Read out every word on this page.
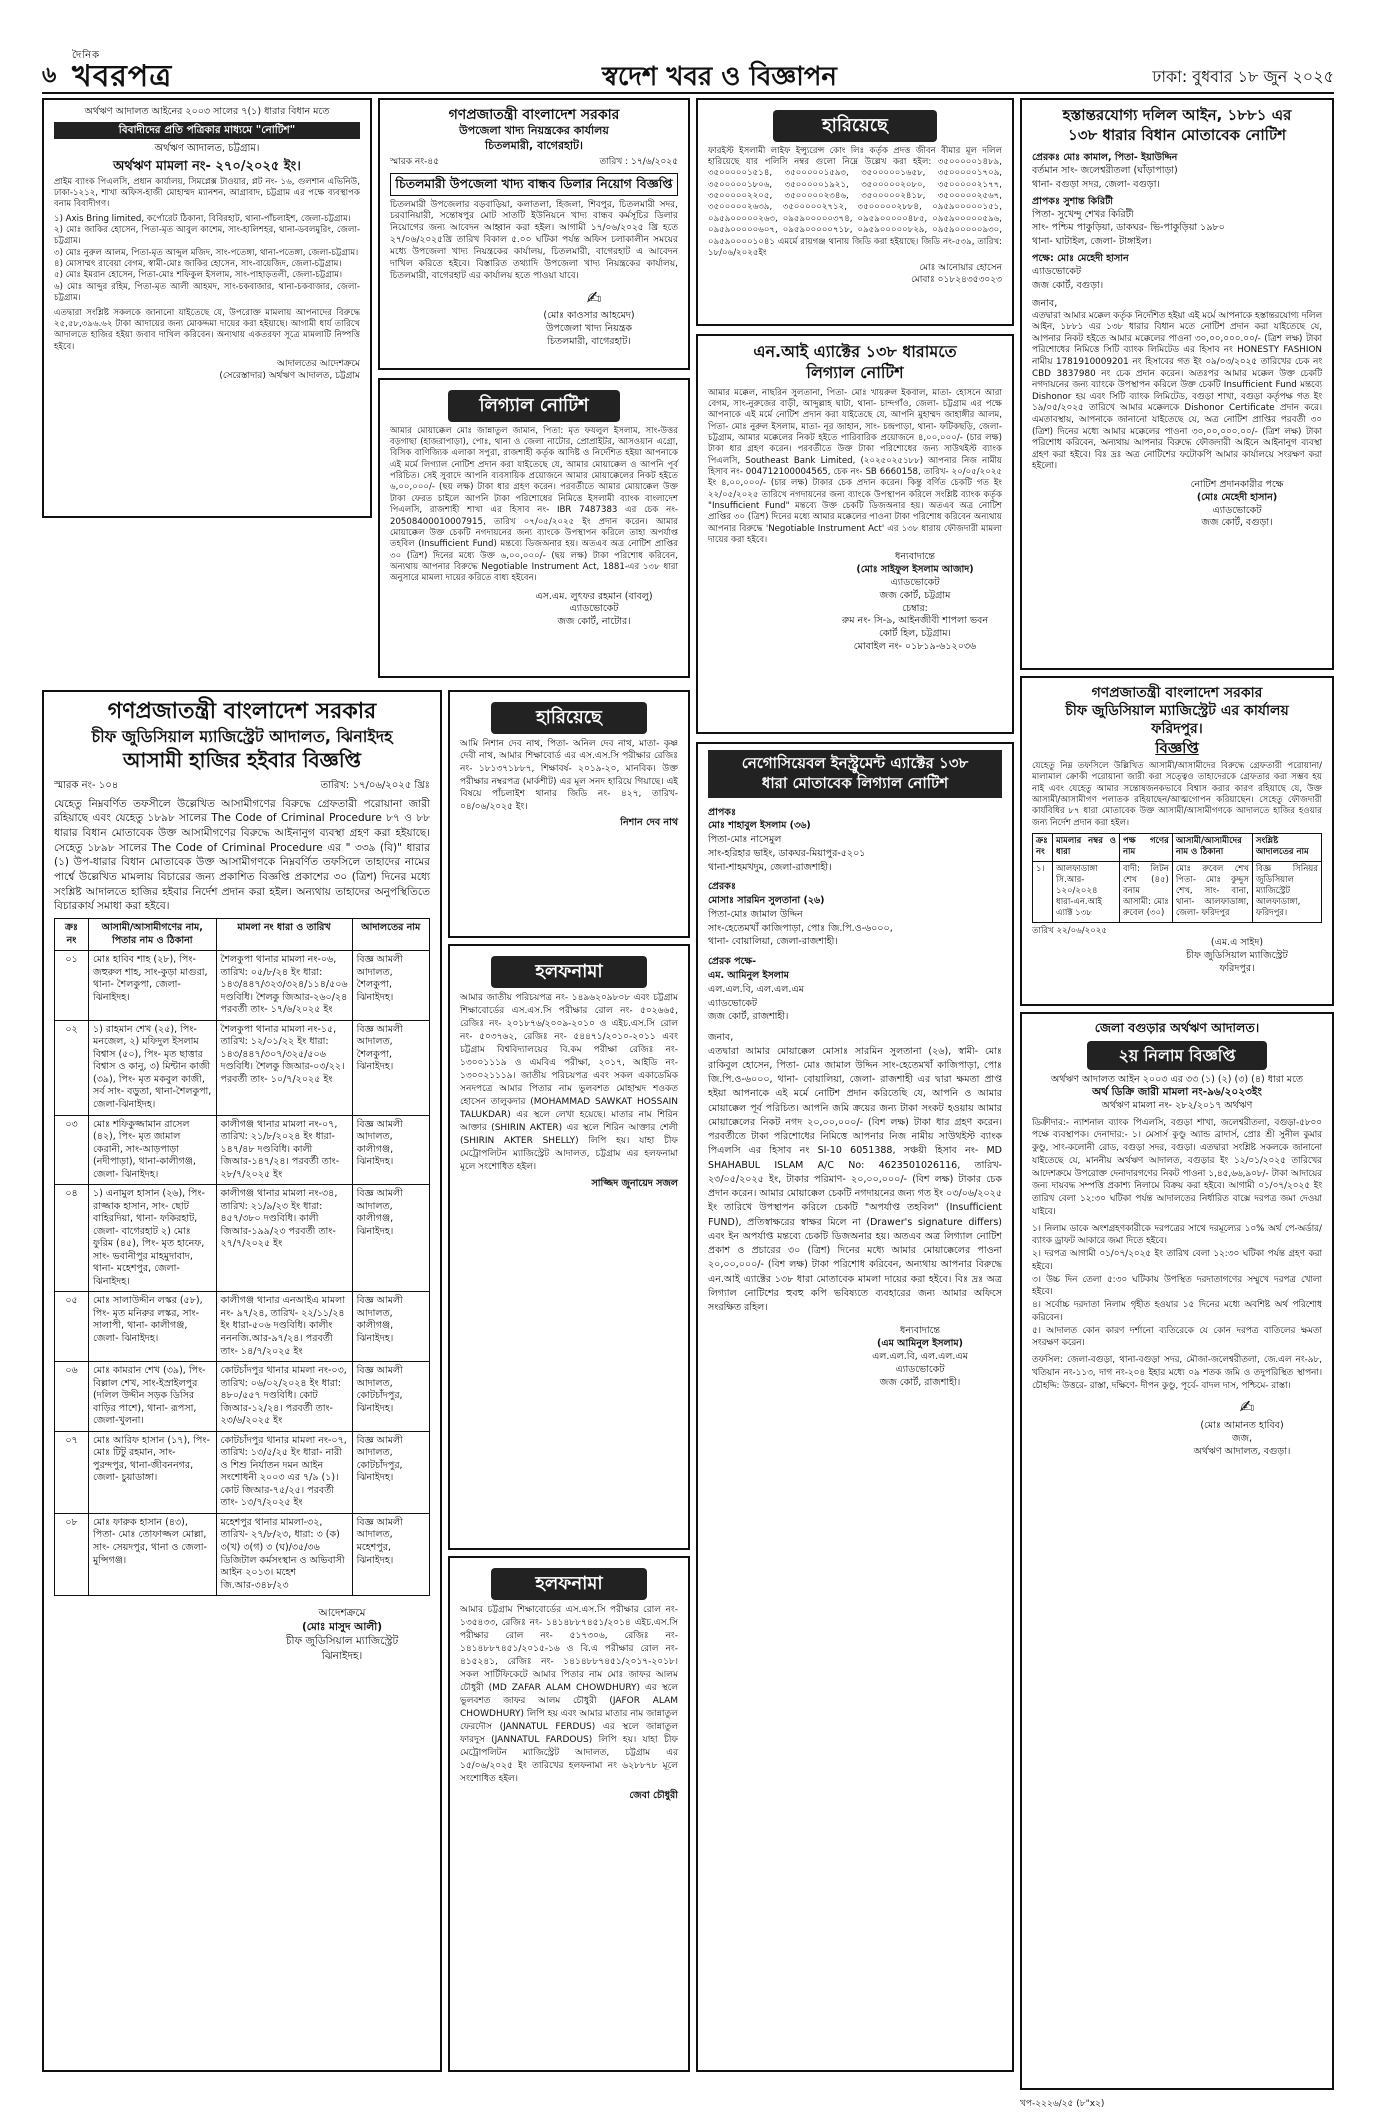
৬
দৈনিক
খবরপত্র	স্বদেশ খবর ও বিজ্ঞাপন	ঢাকা: বুধবার ১৮ জুন ২০২৫
অর্থঋণ আদালত আইনের ২০০৩ সালের ৭(১) ধারার বিধান মতে
বিবাদীদের প্রতি পত্রিকার মাধ্যমে "নোটিশ"
অর্থঋণ আদালত, চট্টগ্রাম।
অর্থঋণ মামলা নং- ২৭০/২০২৫ ইং।
প্রাইম ব্যাংক পিএলসি, প্রধান কার্যালয়, সিমপ্লেক্স টাওয়ার, প্লট নং- ১৬, গুলশান এভিনিউ, ঢাকা-১২১২, শাখা অফিস-হাজী মোহাম্মদ ম্যানশন, আগ্রাবাদ, চট্টগ্রাম এর পক্ষে ব্যবস্থাপক বনাম বিবাদীগণ।
১) Axis Bring limited, কর্পোরেট ঠিকানা, বিবিরহাট, থানা-পাঁচলাইশ, জেলা-চট্টগ্রাম।
২) মোঃ জাকির হোসেন, পিতা-মৃত আবুল কাশেম, সাং-হালিশহর, থানা-ডবলমুরিং, জেলা-চট্টগ্রাম।
৩) মোঃ নুরুল আলম, পিতা-মৃত আব্দুল মজিদ, সাং-পতেঙ্গা, থানা-পতেঙ্গা, জেলা-চট্টগ্রাম।
৪) মোসাম্মৎ রাবেয়া বেগম, স্বামী-মোঃ জাকির হোসেন, সাং-বায়েজিদ, জেলা-চট্টগ্রাম।
৫) মোঃ ইমরান হোসেন, পিতা-মোঃ শফিকুল ইসলাম, সাং-পাহাড়তলী, জেলা-চট্টগ্রাম।
৬) মোঃ আব্দুর রহিম, পিতা-মৃত আলী আহমদ, সাং-চকবাজার, থানা-চকবাজার, জেলা-চট্টগ্রাম।
এতদ্বারা সংশ্লিষ্ট সকলকে জানানো যাইতেছে যে, উপরোক্ত মামলায় আপনাদের বিরুদ্ধে ২৫,৫৮,৩৯৬.৬২ টাকা আদায়ের জন্য মোকদ্দমা দায়ের করা হইয়াছে। আগামী ধার্য তারিখে আদালতে হাজির হইয়া জবাব দাখিল করিবেন। অন্যথায় একতরফা সূত্রে মামলাটি নিষ্পত্তি হইবে।
আদালতের আদেশক্রমে
(সেরেস্তাদার) অর্থঋণ আদালত, চট্টগ্রাম
গণপ্রজাতন্ত্রী বাংলাদেশ সরকার
উপজেলা খাদ্য নিয়ন্ত্রকের কার্যালয়
চিতলমারী, বাগেরহাট।
স্মারক নং-৪৫	তারিখ : ১৭/৬/২০২৫
চিতলমারী উপজেলা খাদ্য বান্ধব ডিলার নিয়োগ বিজ্ঞপ্তি
চিতলমারী উপজেলার বড়বাড়িয়া, কলাতলা, হিজলা, শিবপুর, চিতলমারী সদর, চরবানিয়ারী, সন্তোষপুর মোট সাতটি ইউনিয়নে খাদ্য বান্ধব কর্মসূচির ডিলার নিয়োগের জন্য আবেদন আহ্বান করা হইল। আগামী ১৭/০৬/২০২৫ খ্রি হতে ২৭/০৬/২০২৫খ্রি তারিখ বিকাল ৫.০০ ঘটিকা পর্যন্ত অফিস চলাকালীন সময়ের মধ্যে উপজেলা খাদ্য নিয়ন্ত্রকের কার্যালয়, চিতলমারী, বাগেরহাট এ আবেদন দাখিল করিতে হইবে। বিস্তারিত তথ্যাদি উপজেলা খাদ্য নিয়ন্ত্রকের কার্যালয়, চিতলমারী, বাগেরহাট এর কার্যালয় হতে পাওয়া যাবে।
✍
(মোঃ কাওসার আহমেদ)
উপজেলা খাদ্য নিয়ন্ত্রক
চিতলমারী, বাগেরহাট।
লিগ্যাল নোটিশ
আমার মোয়াক্কেল মোঃ জান্নাতুল জামান, পিতা: মৃত ফযলুল ইসলাম, সাং-উত্তর বড়গাছা (হাজরাপাড়া), পোঃ, থানা ও জেলা নাটোর, প্রোপ্রাইটর, আসওয়ান এগ্রো, বিসিক বাণিজ্যিক এলাকা সপুরা, রাজশাহী কর্তৃক আদিষ্ট ও নির্দেশিত হইয়া আপনাকে এই মর্মে লিগ্যাল নোটিশ প্রদান করা যাইতেছে যে, আমার মোয়াক্কেল ও আপনি পূর্ব পরিচিত। সেই সুবাদে আপনি ব্যবসায়িক প্রয়োজনে আমার মোয়াক্কেলের নিকট হইতে ৬,০০,০০০/- (ছয় লক্ষ) টাকা ধার গ্রহণ করেন। পরবর্তীতে আমার মোয়াক্কেল উক্ত টাকা ফেরত চাইলে আপনি টাকা পরিশোধের নিমিত্তে ইসলামী ব্যাংক বাংলাদেশ পিএলসি, রাজশাহী শাখা এর হিসাব নং- IBR 7487383 এর চেক নং- 20508400010007915, তারিখ ০৭/০৫/২০২৫ ইং প্রদান করেন। আমার মোয়াক্কেল উক্ত চেকটি নগদায়নের জন্য ব্যাংকে উপস্থাপন করিলে তাহা অপর্যাপ্ত তহবিল (Insufficient Fund) মন্তব্যে ডিজঅনার হয়। অতএব অত্র নোটিশ প্রাপ্তির ৩০ (ত্রিশ) দিনের মধ্যে উক্ত ৬,০০,০০০/- (ছয় লক্ষ) টাকা পরিশোধ করিবেন, অন্যথায় আপনার বিরুদ্ধে Negotiable Instrument Act, 1881-এর ১৩৮ ধারা অনুসারে মামলা দায়ের করিতে বাধ্য হইবেন।
এস.এম. লুৎফর রহমান (বাবলু)
এ্যাডভোকেট
জজ কোর্ট, নাটোর।
হারিয়েছে
ফারইস্ট ইসলামী লাইফ ইন্স্যুরেন্স কোং লিঃ কর্তৃক প্রদত্ত জীবন বীমার মূল দলিল হারিয়েছে যার পলিসি নম্বর গুলো নিম্নে উল্লেখ করা হইল: ৩৫০০০০০১৪৮৯, ৩৫০০০০০১৫১৪, ৩৫০০০০০১৫৯৩, ৩৫০০০০০১৬৫৮, ৩৫০০০০০১৭০৯, ৩৫০০০০০১৮০৬, ৩৫০০০০০১৯২১, ৩৫০০০০০২০৮০, ৩৫০০০০০২১৭৭, ৩৫০০০০০২২০৫, ৩৫০০০০০২৩৪৬, ৩৫০০০০০২৪১৮, ৩৫০০০০০২৫৬৭, ৩৫০০০০০২৬৩৯, ৩৫০০০০০২৭১২, ৩৫০০০০০২৮৮৪, ০৯৫৯০০০০০১৫১, ০৯৫৯০০০০০২৬৩, ০৯৫৯০০০০০৩৭৪, ০৯৫৯০০০০০৪৮৫, ০৯৫৯০০০০০৫৯৬, ০৯৫৯০০০০০৬০৭, ০৯৫৯০০০০০৭১৮, ০৯৫৯০০০০০৮২৯, ০৯৫৯০০০০০৯৩০, ০৯৫৯০০০০১০৪১ এমর্মে রায়গঞ্জ থানায় জিডি করা হইয়াছে। জিডি নং-৫৩৯, তারিখ: ১৮/০৬/২০২৫ইং
মোঃ আনোয়ার হোসেন
মোবাঃ ০১৮২৪৩৫৩০২৩
এন.আই এ্যাক্টের ১৩৮ ধারামতে
লিগ্যাল নোটিশ
আমার মক্কেল, নাছরিন সুলতানা, পিতা- মোঃ খায়রুল ইকবাল, মাতা- হোসনে আরা বেগম, সাং-নুরুজের বাড়ী, আব্দুল্লাহ ঘাটা, থানা- চান্দগাঁও, জেলা- চট্টগ্রাম এর পক্ষে আপনাকে এই মর্মে নোটিশ প্রদান করা যাইতেছে যে, আপনি মুহাম্মদ জাহাঙ্গীর আলম, পিতা- মোঃ নুরুল ইসলাম, মাতা- নূর জাহান, সাং- চন্দ্রপাড়া, থানা- ফটিকছড়ি, জেলা- চট্টগ্রাম, আমার মক্কেলের নিকট হইতে পারিবারিক প্রয়োজনে ৪,০০,০০০/- (চার লক্ষ) টাকা ধার গ্রহণ করেন। পরবর্তীতে উক্ত টাকা পরিশোধের জন্য সাউথইস্ট ব্যাংক পিএলসি, Southeast Bank Limited, (২০২৫০২৫১৮৮) আপনার নিজ নামীয় হিসাব নং- 004712100004565, চেক নং- SB 6660158, তারিখ- ২০/০৫/২০২৫ ইং ৪,০০,০০০/- (চার লক্ষ) টাকার চেক প্রদান করেন। কিন্তু বর্ণিত চেকটি গত ইং ২২/০৫/২০২৫ তারিখে নগদায়নের জন্য ব্যাংকে উপস্থাপন করিলে সংশ্লিষ্ট ব্যাংক কর্তৃক "Insufficient Fund" মন্তব্যে উক্ত চেকটি ডিজঅনার হয়। অতএব অত্র নোটিশ প্রাপ্তির ৩০ (ত্রিশ) দিনের মধ্যে আমার মক্কেলের পাওনা টাকা পরিশোধ করিবেন অন্যথায় আপনার বিরুদ্ধে 'Negotiable Instrument Act' এর ১৩৮ ধারায় ফৌজদারী মামলা দায়ের করা হইবে।
ধন্যবাদান্তে
(মোঃ সাইফুল ইসলাম আজাদ)
এ্যাডভোকেট
জজ কোর্ট, চট্টগ্রাম
চেম্বার:
রুম নং- সি-৯, আইনজীবী শাপলা ভবন
কোর্ট হিল, চট্টগ্রাম।
মোবাইল নং- ০১৮১৯-৬১২০৩৬
হস্তান্তরযোগ্য দলিল আইন, ১৮৮১ এর
১৩৮ ধারার বিধান মোতাবেক নোটিশ
প্রেরকঃ মোঃ কামাল, পিতা- ইয়াউদ্দিন
বর্তমান সাং- জলেশ্বরীতলা (ঘাঁড়াপাড়া)
থানা- বগুড়া সদর, জেলা- বগুড়া।
প্রাপকঃ সুশান্ত কিরিটী
পিতা- সুখেন্দু শেখর কিরিটী
সাং- পশ্চিম পাকুড়িয়া, ডাকঘর- ভি-পাকুড়িয়া ১৯৮০
থানা- ঘাটাইল, জেলা- টাঙ্গাইল।
পক্ষে: মোঃ মেহেদী হাসান
এ্যাডভোকেট
জজ কোর্ট, বগুড়া।
জনাব,
এতদ্বারা আমার মক্কেল কর্তৃক নির্দেশিত হইয়া এই মর্মে আপনাকে হস্তান্তরযোগ্য দলিল আইন, ১৮৮১ এর ১৩৮ ধারার বিধান মতে নোটিশ প্রদান করা যাইতেছে যে, আপনার নিকট হইতে আমার মক্কেলের পাওনা ৩০,০০,০০০.০০/- (ত্রিশ লক্ষ) টাকা পরিশোধের নিমিত্তে সিটি ব্যাংক লিমিটেড এর হিসাব নং HONESTY FASHION নামীয় 1781910009201 নং হিসাবের গত ইং ০৯/০৩/২০২৫ তারিখের চেক নং CBD 3837980 নং চেক প্রদান করেন। অতঃপর আমার মক্কেল উক্ত চেকটি নগদায়নের জন্য ব্যাংকে উপস্থাপন করিলে উক্ত চেকটি Insufficient Fund মন্তব্যে Dishonor হয় এবং সিটি ব্যাংক লিমিটেড, বগুড়া শাখা, বগুড়া কর্তৃপক্ষ গত ইং ১৯/০৫/২০২৫ তারিখে আমার মক্কেলকে Dishonor Certificate প্রদান করে। এমতাবস্থায়, আপনাকে জানানো যাইতেছে যে, অত্র নোটিশ প্রাপ্তির পরবর্তী ৩০ (ত্রিশ) দিনের মধ্যে আমার মক্কেলের পাওনা ৩০,০০,০০০.০০/- (ত্রিশ লক্ষ) টাকা পরিশোধ করিবেন, অন্যথায় আপনার বিরুদ্ধে ফৌজদারী আইনে আইনানুগ ব্যবস্থা গ্রহণ করা হইবে। বিঃ দ্রঃ অত্র নোটিশের ফটোকপি আমার কার্যালয়ে সংরক্ষণ করা হইলো।
নোটিশ প্রদানকারীর পক্ষে
(মোঃ মেহেদী হাসান)
এ্যাডভোকেট
জজ কোর্ট, বগুড়া।
গণপ্রজাতন্ত্রী বাংলাদেশ সরকার
চীফ জুডিসিয়াল ম্যাজিস্ট্রেট এর কার্যালয়
ফরিদপুর।
বিজ্ঞপ্তি
যেহেতু নিম্ন তফসিলে উল্লিখিত আসামী/আসামীদের বিরুদ্ধে গ্রেফতারী পরোয়ানা/মালামাল ক্রোকী পরোয়ানা জারী করা সত্ত্বেও তাহাদেরকে গ্রেফতার করা সম্ভব হয় নাই এবং যেহেতু আমার সন্তোষজনকভাবে বিশ্বাস করার কারণ রহিয়াছে যে, উক্ত আসামী/আসামীগণ পলাতক রহিয়াছেন/আত্মগোপন করিয়াছেন। সেহেতু ফৌজদারী কার্যবিধির ৮৭ ধারা মোতাবেক উক্ত আসামী/আসামীগণকে আদালতে হাজির হওয়ার জন্য নির্দেশ প্রদান করা হইল।
ক্রঃ নং	মামলার নম্বর ও ধারা	পক্ষ গণের নাম	আসামী/আসামীদের নাম ও ঠিকানা	সংশ্লিষ্ট আদালতের নাম
১।	আলফাডাঙ্গা সি.আর- ১২০/২০২৪ ধারা-এন.আই এ্যাক্ট ১৩৮	বাদী: লিটন শেখ (৪৫) বনাম আসামী: মোঃ রুবেল (৩০)	মোঃ রুবেল শেখ পিতা- মোঃ কুদ্দুস শেখ, সাং- বানা, থানা- আলফাডাঙ্গা, জেলা- ফরিদপুর	বিজ্ঞ সিনিয়র জুডিসিয়াল ম্যাজিস্ট্রেট আলফাডাঙ্গা, ফরিদপুর।
তারিখ ২২/০৬/২০২৫
(এম.এ সাইদ)
চীফ জুডিসিয়াল ম্যাজিস্ট্রেট
ফরিদপুর।
গণপ্রজাতন্ত্রী বাংলাদেশ সরকার
চীফ জুডিসিয়াল ম্যাজিস্ট্রেট আদালত, ঝিনাইদহ
আসামী হাজির হইবার বিজ্ঞপ্তি
স্মারক নং- ১০৪	তারিখ: ১৭/০৬/২০২৫ খ্রিঃ
যেহেতু নিম্নবর্ণিত তফসীলে উল্লেখিত আসামীগণের বিরুদ্ধে গ্রেফতারী পরোয়ানা জারী রহিয়াছে এবং যেহেতু ১৮৯৮ সালের The Code of Criminal Procedure ৮৭ ও ৮৮ ধারার বিধান মোতাবেক উক্ত আসামীগণের বিরুদ্ধে আইনানুগ ব্যবস্থা গ্রহণ করা হইয়াছে। সেহেতু ১৮৯৮ সালের The Code of Criminal Procedure এর " ৩৩৯ (বি)" ধারার (১) উপ-ধারার বিধান মোতাবেক উক্ত আসামীগণকে নিম্নবর্ণিত তফসিলে তাহাদের নামের পার্শ্বে উল্লেখিত মামলায় বিচারের জন্য প্রকাশিত বিজ্ঞপ্তি প্রকাশের ৩০ (ত্রিশ) দিনের মধ্যে সংশ্লিষ্ট আদালতে হাজির হইবার নির্দেশ প্রদান করা হইল। অন্যথায় তাহাদের অনুপস্থিতিতে বিচারকার্য সমাধা করা হইবে।
ক্রঃ নং	আসামী/আসামীগণের নাম, পিতার নাম ও ঠিকানা	মামলা নং ধারা ও তারিখ	আদালতের নাম
০১	মোঃ হাবিব শাহ (২৮), পিং- জহুরুল শাহ, সাং-কুড়া মাগুরা, থানা- শৈলকুপা, জেলা- ঝিনাইদহ।	শৈলকুপা থানার মামলা নং-০৬, তারিখ: ০৫/৮/২৪ ইং ধারা: ১৪৩/৪৪৭/৩২৩/৩২৪/১১৪/৫০৬ দণ্ডবিধি। শৈলকু জিআর-২৬০/২৪ পরবর্তী তাং- ১৭/৬/২০২৫ ইং	বিজ্ঞ আমলী আদালত, শৈলকুপা, ঝিনাইদহ।
০২	১) রাহমান শেখ (২৫), পিং- মনজেল, ২) মফিদুল ইসলাম বিশ্বাস (৫০), পিং- মৃত ছাত্তার বিশ্বাস ও কানু, ৩) মিন্টান কাজী (৩৯), পিং- মৃত মকবুল কাজী, সর্ব সাং- বড়ুতা, থানা-শৈলকুপা, জেলা-ঝিনাইদহ।	শৈলকুপা থানার মামলা নং-১৫, তারিখ: ১২/০১/২২ ইং ধারা: ১৪৩/৪৪৭/৩০৭/৩২৫/৫০৬ দণ্ডবিধি। শৈলকু জিআর-০৩/২২। পরবর্তী তাং- ১০/৭/২০২৫ ইং	বিজ্ঞ আমলী আদালত, শৈলকুপা, ঝিনাইদহ।
০৩	মোঃ শফিকুজ্জামান রাসেল (৪২), পিং- মৃত জামাল কেরানী, সাং-আড়পাড়া (নদীপাড়া), থানা-কালীগঞ্জ, জেলা- ঝিনাইদহ।	কালীগঞ্জ থানার মামলা নং-০৭, তারিখ: ২১/৮/২০২৪ ইং ধারা- ১৪৭/৪৮ দণ্ডবিধি। কালী জিআর-১৪৭/২৪। পরবর্তী তাং- ২৮/৭/২০২৫ ইং	বিজ্ঞ আমলী আদালত, কালীগঞ্জ, ঝিনাইদহ।
০৪	১) এনামুল হাসান (২৬), পিং- রাজ্জাক হাসান, সাং- ছোট বাহিরদিয়া, থানা- ফকিরহাট, জেলা- বাগেরহাট ২) মোঃ ফুরিম (৪৫), পিং- মৃত হানেফ, সাং- ভবানীপুর মাহমুদাবাদ, থানা- মহেশপুর, জেলা-ঝিনাইদহ।	কালীগঞ্জ থানার মামলা নং-৩৪, তারিখ: ২১/৯/২৩ ইং ধারা: ৪৫৭/৩৮০ দণ্ডবিধি। কালী জিআর-১৯৯/২৩ পরবর্তী তাং- ২৭/৭/২০২৫ ইং	বিজ্ঞ আমলী আদালত, কালীগঞ্জ, ঝিনাইদহ।
০৫	মোঃ সালাউদ্দীন লস্কর (৫৮), পিং- মৃত মনিরুর লস্কর, সাং- সালাপী, থানা- কালীগঞ্জ, জেলা- ঝিনাইদহ।	কালীগঞ্জ থানার এনআইএ মামলা নং- ৯৭/২৪, তারিখ- ২২/১১/২৪ ইং ধারা-৫০৬ দণ্ডবিধি। কালীং নননজি.আর-৯৭/২৪। পরবর্তী তাং- ১৪/৭/২০২৫ ইং	বিজ্ঞ আমলী আদালত, কালীগঞ্জ, ঝিনাইদহ।
০৬	মোঃ কামরান শেখ (৩৯), পিং- বিল্লাল শেখ, সাং-ইস্রাইলপুর (দলিল উদ্দীন সড়ক ডিসির বাড়ির পাশে), থানা- রূপসা, জেলা-খুলনা।	কোটচাঁদপুর থানার মামলা নং-০৩, তারিখ: ০৬/০২/২০২৪ ইং ধারা: ৪৮০/৫৫৭ দণ্ডবিধি। কোট জিআর-১২/২৪। পরবর্তী তাং- ২৩/৬/২০২৫ ইং	বিজ্ঞ আমলী আদালত, কোটচাঁদপুর, ঝিনাইদহ।
০৭	মোঃ আরিফ হাসান (১৭), পিং- মোঃ টিটু রহমান, সাং- পুরন্দপুর, থানা-জীবননগর, জেলা- চুয়াডাঙ্গা।	কোটচাঁদপুর থানার মামলা নং-০৭, তারিখ: ১৩/৫/২৫ ইং ধারা- নারী ও শিশু নির্যাতন দমন আইন সংশোধনী ২০০৩ এর ৭/৯ (১)। কোট জিআর-৭৫/২৫। পরবর্তী তাং- ১৩/৭/২০২৫ ইং	বিজ্ঞ আমলী আদালত, কোটচাঁদপুর, ঝিনাইদহ।
০৮	মোঃ ফারুক হাসান (৪৩), পিতা- মোঃ তোফাজ্জল মোল্লা, সাং- সেয়দপুর, থানা ও জেলা- মুন্সিগঞ্জ।	মহেশপুর থানার মামলা-৩২, তারিখ- ২৭/৮/২৩, ধারা: ৩ (ক) ৩(খ) ৩(গ) ৩ (ঘ)/৩৫/৩৬ ডিজিটাল কর্মসংস্থান ও অভিবাসী আইন ২০১৩। মহেশ জি.আর-৩৪৮/২৩	বিজ্ঞ আমলী আদালত, মহেশপুর, ঝিনাইদহ।
আদেশক্রমে
(মোঃ মাসুদ আলী)
চীফ জুডিসিয়াল ম্যাজিস্ট্রেট
ঝিনাইদহ।
হারিয়েছে
আমি নিশান দেব নাথ, পিতা- অনিল দেব নাথ, মাতা- কৃষ্ণ দেবী নাথ, আমার শিক্ষাবোর্ড এর এস.এস.সি পরীক্ষার রেজিঃ নং- ১৮১৩৭১৮৮৭, শিক্ষাবর্ষ- ২০১৯-২০, মানবিক। উক্ত পরীক্ষার নম্বরপত্র (মার্কশীট) এর মূল সনদ হারিয়ে গিয়াছে। এই বিষয়ে পাঁচলাইশ থানার জিডি নং- ৪২৭, তারিখ- ০৪/০৬/২০২৫ ইং।
নিশান দেব নাথ
হলফনামা
আমার জাতীয় পরিচয়পত্র নং- ১৪৯৬২০৯৮০৮ এবং চট্টগ্রাম শিক্ষাবোর্ডের এস.এস.সি পরীক্ষার রোল নং- ৫০২৬৬৫, রেজিঃ নং- ২০১৮৭৬/২০০৯-২০১০ ও এইচ.এস.সি রোল নং- ৫০৩৭৬২, রেজিঃ নং- ৫৪৪৭১/২০১০-২০১১ এবং চট্টগ্রাম বিশ্ববিদ্যালয়ের বি.কম পরীক্ষা রেজিঃ নং- ১৩০০১১১৯ ও এমবিএ পরীক্ষা, ২০১৭, আইডি নং- ১৩০০২১১১৯। জাতীয় পরিচয়পত্র এবং সকল একাডেমিক সনদপত্রে আমার পিতার নাম ভুলবশত মোহাম্মদ শওকত হোসেন তালুকদার (MOHAMMAD SAWKAT HOSSAIN TALUKDAR) এর স্থলে লেখা হয়েছে। মাতার নাম শিরিন আক্তার (SHIRIN AKTER) এর স্থলে শিরিন আক্তার শেলী (SHIRIN AKTER SHELLY) লিপি হয়। যাহা চীফ মেট্রোপলিটন ম্যাজিস্ট্রেট আদালত, চট্টগ্রাম এর হলফনামা মূলে সংশোধিত হইল।
সাজ্জিদ জুনায়েদ সজল
হলফনামা
আমার চট্টগ্রাম শিক্ষাবোর্ডের এস.এস.সি পরীক্ষার রোল নং- ১৩৫৪৩৩, রেজিঃ নং- ১৪১৪৮৮৭৪৫১/২০১৪ এইচ.এস.সি পরীক্ষার রোল নং- ৫১৭৩০৬, রেজিঃ নং- ১৪১৪৮৮৭৪৫১/২০১৫-১৬ ও বি.এ পরীক্ষার রোল নং- ৪১৫২৪১, রেজিঃ নং- ১৪১৪৮৮৭৪৫১/২০১৭-২০১৮। সকল সার্টিফিকেটে আমার পিতার নাম মোঃ জাফর আলম চৌধুরী (MD ZAFAR ALAM CHOWDHURY) এর স্থলে ভুলবশত জাফর আলম চৌধুরী (JAFOR ALAM CHOWDHURY) লিপি হয় এবং আমার মাতার নাম জান্নাতুল ফেরদৌস (JANNATUL FERDUS) এর স্থলে জান্নাতুল ফারদুস (JANNATUL FARDOUS) লিপি হয়। যাহা চীফ মেট্রোপলিটন ম্যাজিস্ট্রেট আদালত, চট্টগ্রাম এর ১৫/০৬/২০২৫ ইং তারিখের হলফনামা নং ৬২৮৮৭৮ মূলে সংশোধিত হইল।
জেবা চৌধুরী
নেগোসিয়েবল ইনস্ট্রুমেন্ট এ্যাক্টের ১৩৮
ধারা মোতাবেক লিগ্যাল নোটিশ
প্রাপকঃ
মোঃ শাহাবুল ইসলাম (৩৬)
পিতা-মোঃ নাসেমুল
সাং-হরিহার ভাইং, ডাকঘর-মিয়াপুর-৫২০১
থানা-শাহমখদুম, জেলা-রাজশাহী।
প্রেরকঃ
মোসাঃ সারমিন সুলতানা (২৬)
পিতা-মোঃ জামাল উদ্দিন
সাং-হেতেমখাঁ কাজিপাড়া, পোঃ জি.পি.ও-৬০০০,
থানা- বোয়ালিয়া, জেলা-রাজশাহী।
প্রেরক পক্ষে-
এম. আমিনুল ইসলাম
এল.এল.বি, এল.এল.এম
এ্যাডভোকেট
জজ কোর্ট, রাজশাহী।
জনাব,
এতদ্বারা আমার মোয়াক্কেল মোসাঃ সারমিন সুলতানা (২৬), স্বামী- মোঃ রাকিবুল হোসেন, পিতা- মোঃ জামাল উদ্দিন সাং-হেতেমখাঁ কাজিপাড়া, পোঃ জি.পি.ও-৬০০০, থানা- বোয়ালিয়া, জেলা- রাজশাহী এর দ্বারা ক্ষমতা প্রাপ্ত হইয়া আপনাকে এই মর্মে নোটিশ প্রদান করিতেছি যে, আপনি ও আমার মোয়াক্কেল পূর্ব পরিচিত। আপনি জমি ক্রয়ের জন্য টাকা সংকট হওয়ায় আমার মোয়াক্কেলের নিকট নগদ ২০,০০,০০০/- (বিশ লক্ষ) টাকা ধার গ্রহণ করেন। পরবর্তীতে টাকা পরিশোধের নিমিত্তে আপনার নিজ নামীয় সাউথইস্ট ব্যাংক পিএলসি এর হিসাব নং SI-10 6051388, সঞ্চয়ী হিসাব নং- MD SHAHABUL ISLAM A/C No: 4623501026116, তারিখ- ২৩/০৫/২০২৫ ইং, টাকার পরিমাণ- ২০,০০,০০০/- (বিশ লক্ষ) টাকার চেক প্রদান করেন। আমার মোয়াক্কেল চেকটি নগদায়নের জন্য গত ইং ০৩/০৬/২০২৫ ইং তারিখে উপস্থাপন করিলে চেকটি "অপর্যাপ্ত তহবিল" (Insufficient FUND), প্রতিস্বাক্ষরের স্বাক্ষর মিলে না (Drawer's signature differs) এবং ইন অপর্যাপ্ত মন্তব্যে চেকটি ডিজঅনার হয়। অতএব অত্র লিগ্যাল নোটিশ প্রকাশ ও প্রচারের ৩০ (ত্রিশ) দিনের মধ্যে আমার মোয়াক্কেলের পাওনা ২০,০০,০০০/- (বিশ লক্ষ) টাকা পরিশোধ করিবেন, অন্যথায় আপনার বিরুদ্ধে এন.আই এ্যাক্টের ১৩৮ ধারা মোতাবেক মামলা দায়ের করা হইবে। বিঃ দ্রঃ অত্র লিগ্যাল নোটিশের হুবহু কপি ভবিষ্যতে ব্যবহারের জন্য আমার অফিসে সংরক্ষিত রহিল।
ধন্যবাদান্তে
(এম আমিনুল ইসলাম)
এল.এল.বি, এল.এল.এম
এ্যাডভোকেট
জজ কোর্ট, রাজশাহী।
জেলা বগুড়ার অর্থঋণ আদালত।
২য় নিলাম বিজ্ঞপ্তি
অর্থঋণ আদালত আইন ২০০৩ এর ৩৩ (১) (২) (৩) (৪) ধারা মতে
অর্থ ডিক্রি জারী মামলা নং-৯৬/২০২৩ইং
অর্থঋণ মামলা নং- ২৮২/২০১৭ অর্থঋণ
ডিক্রীদার:- ন্যাশনাল ব্যাংক পিএলসি, বগুড়া শাখা, জলেশ্বরীতলা, বগুড়া-৫৮০০ পক্ষে ব্যবস্থাপক। দেনাদার:- ১। মেসার্স কুণ্ডু অ্যান্ড ব্রাদার্স, প্রোঃ শ্রী সুনীল কুমার কুণ্ডু, সাং-কলোনী রোড, বগুড়া সদর, বগুড়া। এতদ্বারা সংশ্লিষ্ট সকলকে জানানো যাইতেছে যে, মাননীয় অর্থঋণ আদালত, বগুড়ার ইং ১২/০১/২০২৫ তারিখের আদেশক্রমে উপরোক্ত দেনাদারগণের নিকট পাওনা ১,৪৫,৬৬,৯০৮/- টাকা আদায়ের জন্য দায়বদ্ধ সম্পত্তি প্রকাশ্য নিলামে বিক্রয় করা হইবে। আগামী ০১/০৭/২০২৫ ইং তারিখ বেলা ১২:৩০ ঘটিকা পর্যন্ত আদালতের নির্ধারিত বাক্সে দরপত্র জমা দেওয়া যাইবে।
১। নিলাম ডাকে অংশগ্রহণকারীকে দরপত্রের সাথে দরমূল্যের ১০% অর্থ পে-অর্ডার/ব্যাংক ড্রাফট আকারে জমা দিতে হইবে।
২। দরপত্র আগামী ০১/০৭/২০২৫ ইং তারিখ বেলা ১২:৩০ ঘটিকা পর্যন্ত গ্রহণ করা হইবে।
৩। উচ্চ দিন তেলা ৫:৩০ ঘটিকায় উপস্থিত দরদাতাগণের সম্মুখে দরপত্র খোলা হইবে।
৪। সর্বোচ্চ দরদাতা নিলাম গৃহীত হওয়ার ১৫ দিনের মধ্যে অবশিষ্ট অর্থ পরিশোধ করিবেন।
৫। আদালত কোন কারণ দর্শানো ব্যতিরেকে যে কোন দরপত্র বাতিলের ক্ষমতা সংরক্ষণ করেন।
তফসিল: জেলা-বগুড়া, থানা-বগুড়া সদর, মৌজা-জলেশ্বরীতলা, জে.এল নং-৯৮, খতিয়ান নং-১১৩, দাগ নং-২০৪ ইহার মধ্যে ০৯ শতক জমি ও তদুপরিস্থিত স্থাপনা। চৌহদ্দি: উত্তরে- রাস্তা, দক্ষিণে- দীপন কুণ্ডু, পূর্বে- বাদল দাস, পশ্চিমে- রাস্তা।
✍
(মোঃ আমানত হাবিব)
জজ,
অর্থঋণ আদালত, বগুড়া।
খপ-২২২৬/২৫ (৮"x২)
